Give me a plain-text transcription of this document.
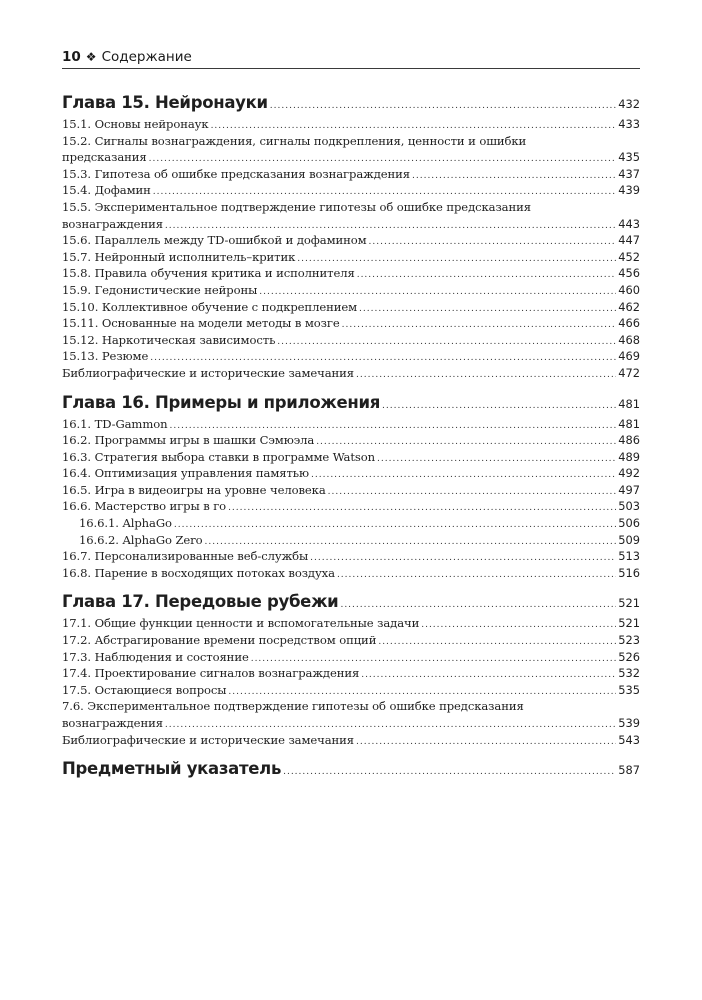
10 ❖ Содержание
Глава 15. Нейронауки .....	432
15.1. Основы нейронаук .....	433
15.2. Сигналы вознаграждения, сигналы подкрепления, ценности и ошибки
предсказания .....	435
15.3. Гипотеза об ошибке предсказания вознаграждения .....	437
15.4. Дофамин .....	439
15.5. Экспериментальное подтверждение гипотезы об ошибке предсказания
вознаграждения .....	443
15.6. Параллель между TD-ошибкой и дофамином .....	447
15.7. Нейронный исполнитель–критик .....	452
15.8. Правила обучения критика и исполнителя .....	456
15.9. Гедонистические нейроны .....	460
15.10. Коллективное обучение с подкреплением .....	462
15.11. Основанные на модели методы в мозге .....	466
15.12. Наркотическая зависимость .....	468
15.13. Резюме .....	469
Библиографические и исторические замечания .....	472
Глава 16. Примеры и приложения .....	481
16.1. TD-Gammon .....	481
16.2. Программы игры в шашки Сэмюэла .....	486
16.3. Стратегия выбора ставки в программе Watson .....	489
16.4. Оптимизация управления памятью .....	492
16.5. Игра в видеоигры на уровне человека .....	497
16.6. Мастерство игры в го .....	503
16.6.1. AlphaGo .....	506
16.6.2. AlphaGo Zero .....	509
16.7. Персонализированные веб-службы .....	513
16.8. Парение в восходящих потоках воздуха .....	516
Глава 17. Передовые рубежи .....	521
17.1. Общие функции ценности и вспомогательные задачи .....	521
17.2. Абстрагирование времени посредством опций .....	523
17.3. Наблюдения и состояние .....	526
17.4. Проектирование сигналов вознаграждения .....	532
17.5. Остающиеся вопросы .....	535
7.6. Экспериментальное подтверждение гипотезы об ошибке предсказания
вознаграждения .....	539
Библиографические и исторические замечания .....	543
Предметный указатель .....	587
